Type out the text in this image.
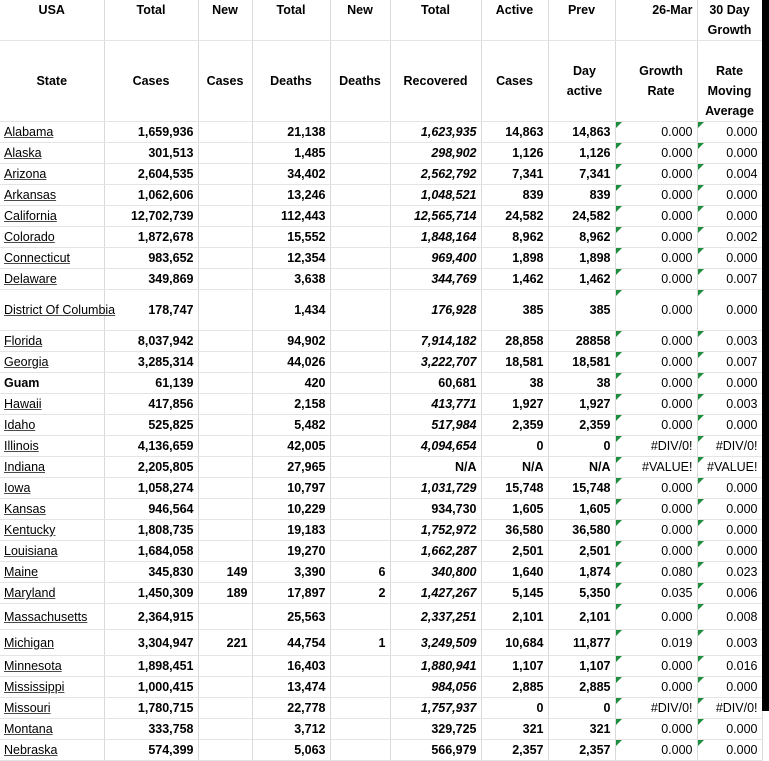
USA	Total	New	Total	New	Total	Active	Prev	26-Mar	30 Day Growth
State	Cases	Cases	Deaths	Deaths	Recovered	Cases	Day active	Growth Rate	Rate Moving Average
Alabama	1,659,936		21,138		1,623,935	14,863	14,863	0.000	0.000
Alaska	301,513		1,485		298,902	1,126	1,126	0.000	0.000
Arizona	2,604,535		34,402		2,562,792	7,341	7,341	0.000	0.004
Arkansas	1,062,606		13,246		1,048,521	839	839	0.000	0.000
California	12,702,739		112,443		12,565,714	24,582	24,582	0.000	0.000
Colorado	1,872,678		15,552		1,848,164	8,962	8,962	0.000	0.002
Connecticut	983,652		12,354		969,400	1,898	1,898	0.000	0.000
Delaware	349,869		3,638		344,769	1,462	1,462	0.000	0.007
District Of Columbia	178,747		1,434		176,928	385	385	0.000	0.000
Florida	8,037,942		94,902		7,914,182	28,858	28858	0.000	0.003
Georgia	3,285,314		44,026		3,222,707	18,581	18,581	0.000	0.007
Guam	61,139		420		60,681	38	38	0.000	0.000
Hawaii	417,856		2,158		413,771	1,927	1,927	0.000	0.003
Idaho	525,825		5,482		517,984	2,359	2,359	0.000	0.000
Illinois	4,136,659		42,005		4,094,654	0	0	#DIV/0!	#DIV/0!
Indiana	2,205,805		27,965		N/A	N/A	N/A	#VALUE!	#VALUE!
Iowa	1,058,274		10,797		1,031,729	15,748	15,748	0.000	0.000
Kansas	946,564		10,229		934,730	1,605	1,605	0.000	0.000
Kentucky	1,808,735		19,183		1,752,972	36,580	36,580	0.000	0.000
Louisiana	1,684,058		19,270		1,662,287	2,501	2,501	0.000	0.000
Maine	345,830	149	3,390	6	340,800	1,640	1,874	0.080	0.023
Maryland	1,450,309	189	17,897	2	1,427,267	5,145	5,350	0.035	0.006
Massachusetts	2,364,915		25,563		2,337,251	2,101	2,101	0.000	0.008
Michigan	3,304,947	221	44,754	1	3,249,509	10,684	11,877	0.019	0.003
Minnesota	1,898,451		16,403		1,880,941	1,107	1,107	0.000	0.016
Mississippi	1,000,415		13,474		984,056	2,885	2,885	0.000	0.000
Missouri	1,780,715		22,778		1,757,937	0	0	#DIV/0!	#DIV/0!
Montana	333,758		3,712		329,725	321	321	0.000	0.000
Nebraska	574,399		5,063		566,979	2,357	2,357	0.000	0.000
